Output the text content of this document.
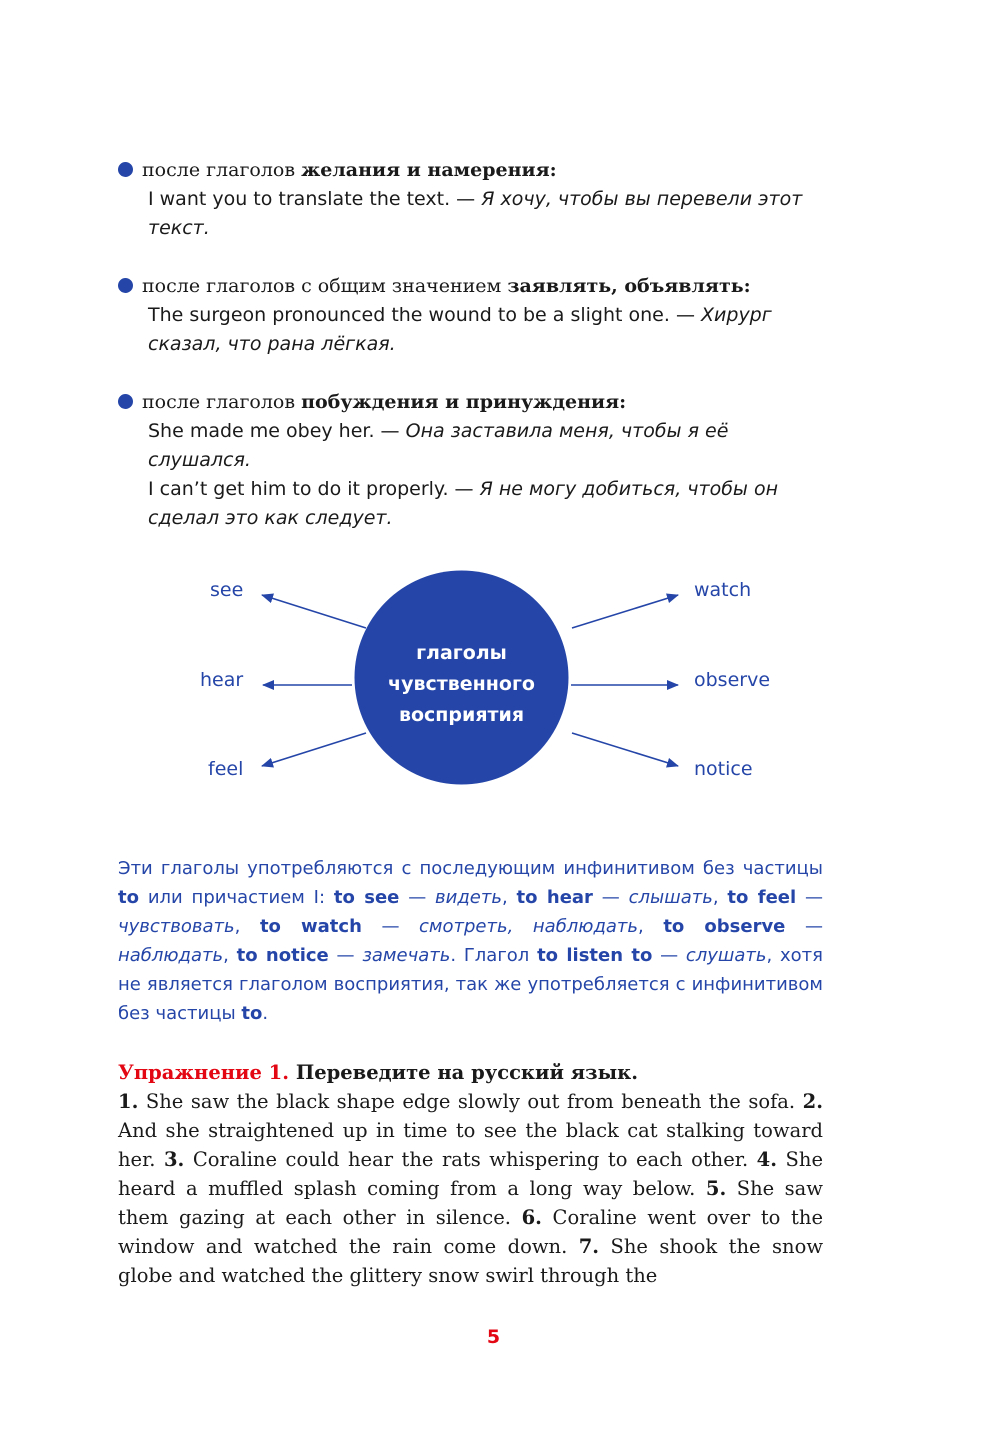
после глаголов желания и намерения:
I want you to translate the text. — Я хочу, чтобы вы перевели этот текст.
после глаголов с общим значением заявлять, объявлять:
The surgeon pronounced the wound to be a slight one. — Хирург сказал, что рана лёгкая.
после глаголов побуждения и принуждения:
She made me obey her. — Она заставила меня, чтобы я её слушался.
I can’t get him to do it properly. — Я не могу добиться, чтобы он сделал это как следует.
глаголы
чувственного
восприятия
see
hear
feel
watch
observe
notice
Эти глаголы употребляются с последующим инфинитивом без частицы to или причастием I: to see — видеть, to hear — слышать, to feel — чувствовать, to watch — смотреть, наблюдать, to observe — наблюдать, to notice — замечать. Глагол to listen to — слушать, хотя не является глаголом восприятия, так же употребляется с инфинитивом без частицы to.
Упражнение 1. Переведите на русский язык.
1. She saw the black shape edge slowly out from beneath the sofa. 2. And she straightened up in time to see the black cat stalking toward her. 3. Coraline could hear the rats whispering to each other. 4. She heard a muffled splash coming from a long way below. 5. She saw them gazing at each other in silence. 6. Coraline went over to the window and watched the rain come down. 7. She shook the snow globe and watched the glittery snow swirl through the
5
